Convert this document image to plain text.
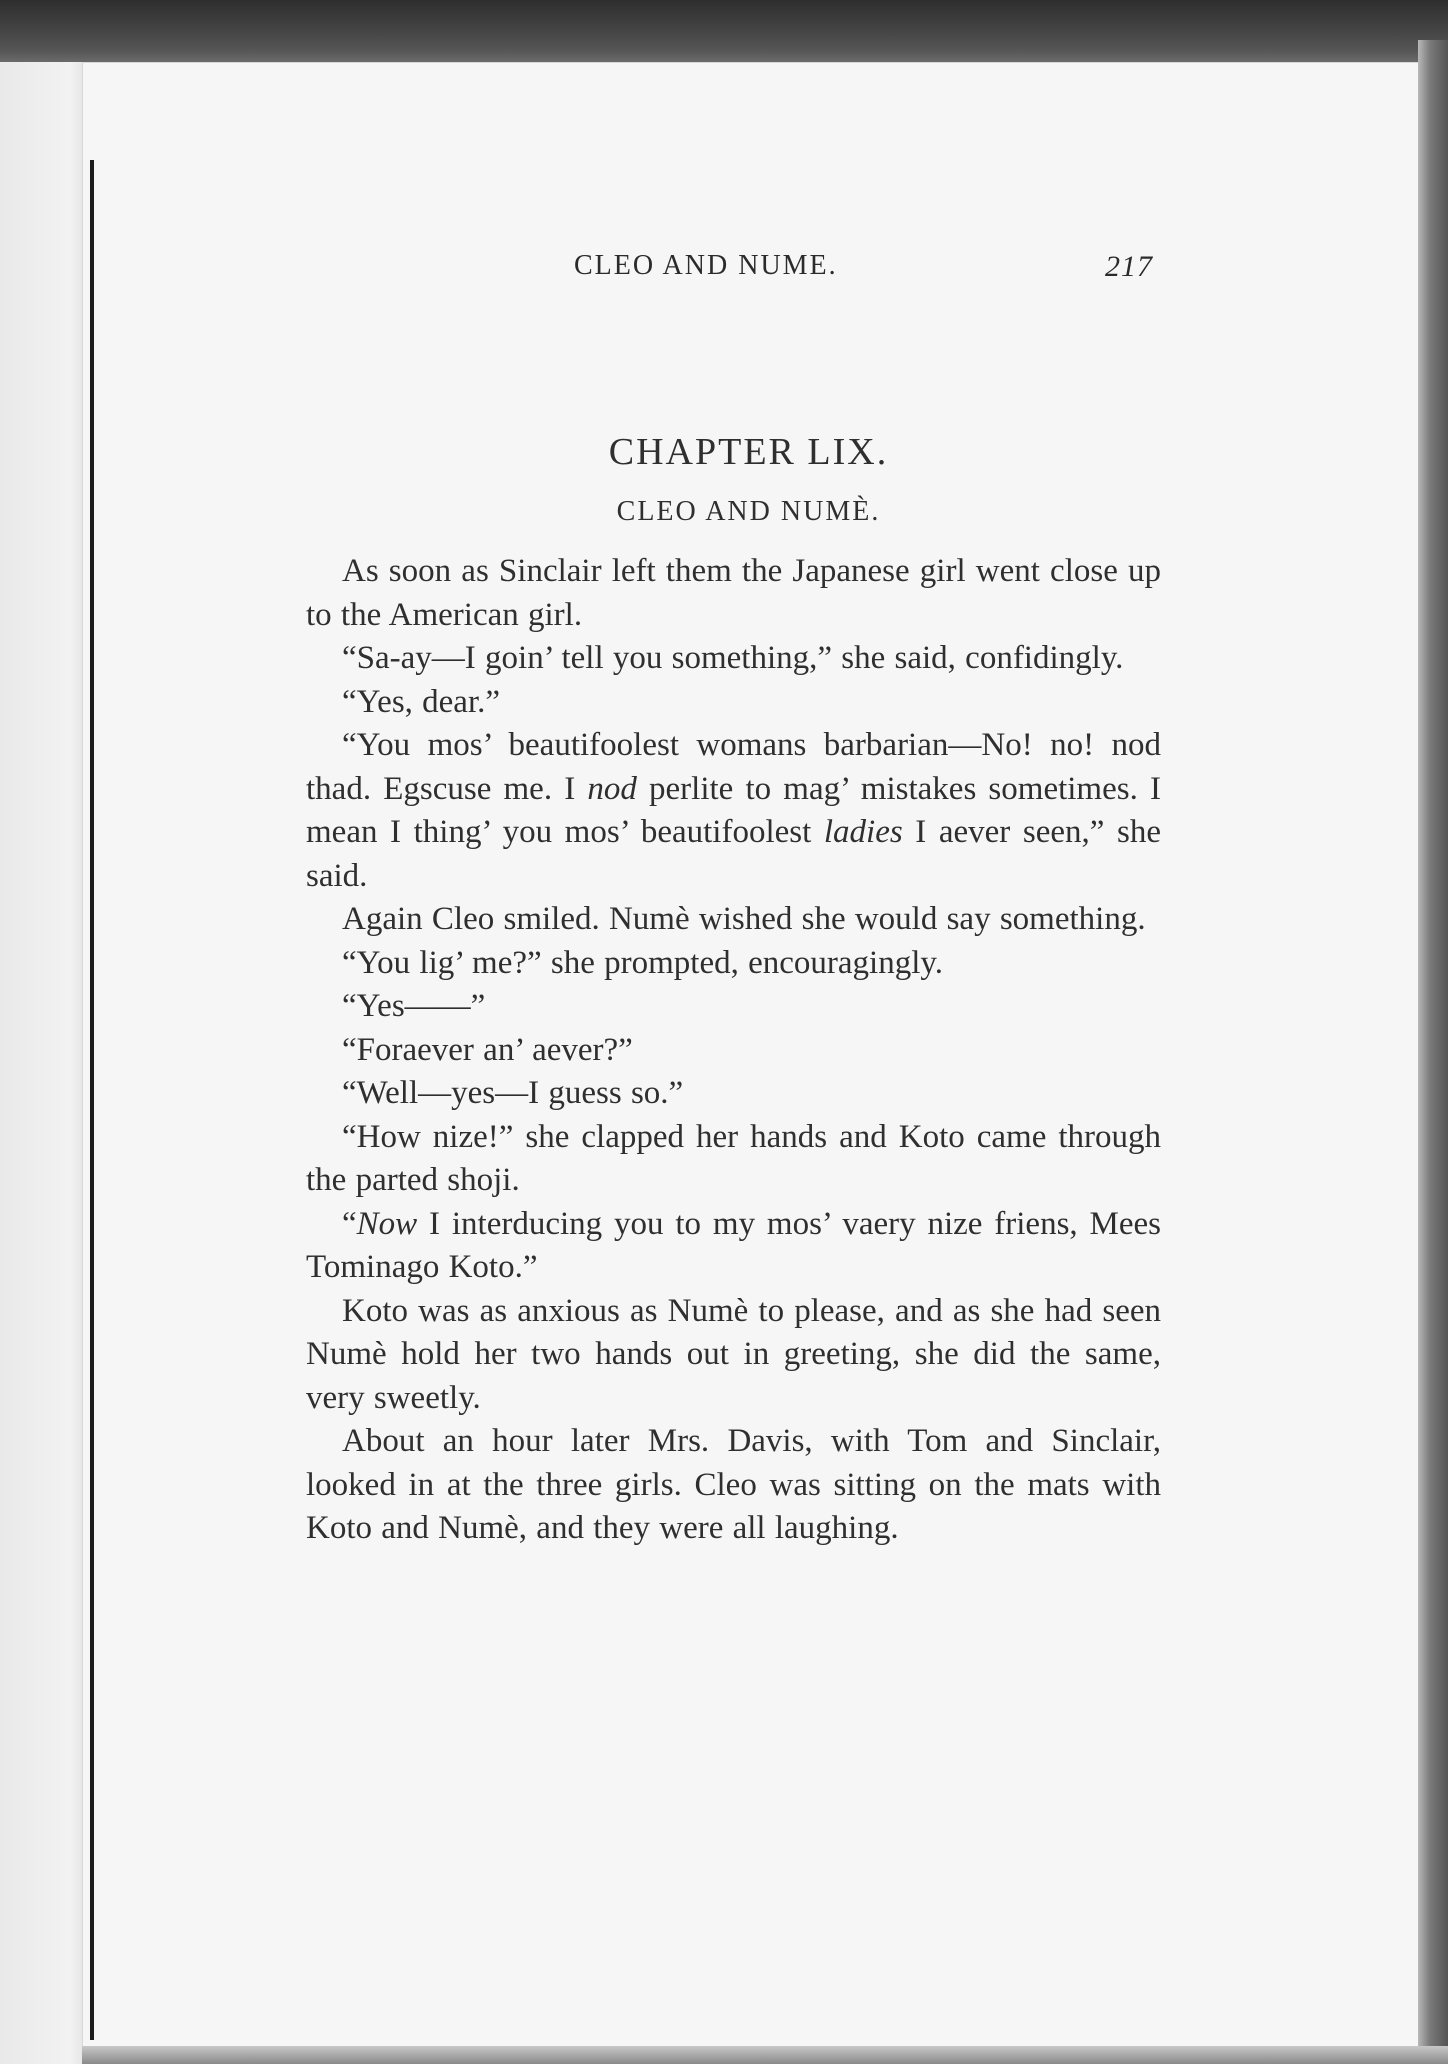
CLEO AND NUME.	217
CHAPTER LIX.
CLEO AND NUMÈ.

As soon as Sinclair left them the Japanese girl went close up to the American girl.

“Sa-ay—I goin’ tell you something,” she said, confidingly.

“Yes, dear.”

“You mos’ beautifoolest womans barbarian—No! no! nod thad. Egscuse me. I nod perlite to mag’ mistakes sometimes. I mean I thing’ you mos’ beautifoolest ladies I aever seen,” she said.

Again Cleo smiled. Numè wished she would say something.

“You lig’ me?” she prompted, encouragingly.

“Yes——”

“Foraever an’ aever?”

“Well—yes—I guess so.”

“How nize!” she clapped her hands and Koto came through the parted shoji.

“Now I interducing you to my mos’ vaery nize friens, Mees Tominago Koto.”

Koto was as anxious as Numè to please, and as she had seen Numè hold her two hands out in greeting, she did the same, very sweetly.

About an hour later Mrs. Davis, with Tom and Sinclair, looked in at the three girls. Cleo was sitting on the mats with Koto and Numè, and they were all laughing.
